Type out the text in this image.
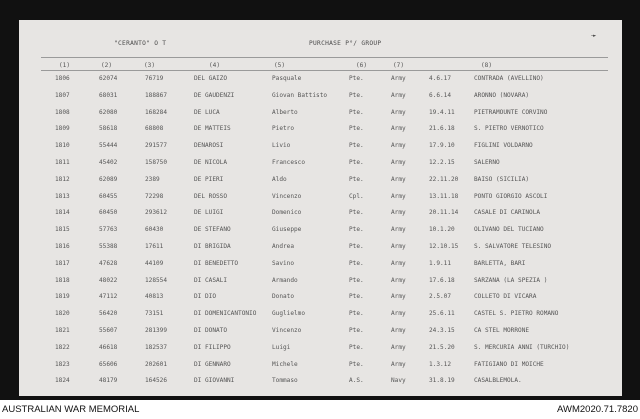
"CERANTO" O T	PURCHASE P°/ GROUP
➛
(1)	(2)	(3)	(4)	(5)	(6)	(7)	(8)
1806	62074	76719	DEL GAIZO	Pasquale	Pte.	Army	4.6.17	CONTRADA (AVELLINO)
1807	68031	188867	DE GAUDENZI	Giovan Battisto	Pte.	Army	6.6.14	ARONNO (NOVARA)
1808	62080	168284	DE LUCA	Alberto	Pte.	Army	19.4.11	PIETRAMOUNTE CORVINO
1809	58618	68808	DE MATTEIS	Pietro	Pte.	Army	21.6.18	S. PIETRO VERNOTICO
1810	55444	291577	DENAROSI	Livio	Pte.	Army	17.9.10	FIGLINI VOLDARNO
1811	45402	158750	DE NICOLA	Francesco	Pte.	Army	12.2.15	SALERNO
1812	62089	2389	DE PIERI	Aldo	Pte.	Army	22.11.20	BAISO (SICILIA)
1813	60455	72298	DEL ROSSO	Vincenzo	Cpl.	Army	13.11.18	PONTO GIORGIO ASCOLI
1814	60450	293612	DE LUIGI	Domenico	Pte.	Army	20.11.14	CASALE DI CARINOLA
1815	57763	60430	DE STEFANO	Giuseppe	Pte.	Army	10.1.20	OLIVANO DEL TUCIANO
1816	55388	17611	DI BRIGIDA	Andrea	Pte.	Army	12.10.15	S. SALVATORE TELESINO
1817	47628	44109	DI BENEDETTO	Savino	Pte.	Army	1.9.11	BARLETTA, BARI
1818	48022	128554	DI CASALI	Armando	Pte.	Army	17.6.18	SARZANA (LA SPEZIA )
1819	47112	40813	DI DIO	Donato	Pte.	Army	2.5.07	COLLETO DI VICARA
1820	56420	73151	DI DOMENICANTONIO	Guglielmo	Pte.	Army	25.6.11	CASTEL S. PIETRO ROMANO
1821	55607	281399	DI DONATO	Vincenzo	Pte.	Army	24.3.15	CA STEL MORRONE
1822	46618	182537	DI FILIPPO	Luigi	Pte.	Army	21.5.20	S. MERCURIA ANNI (TURCHIO)
1823	65606	202601	DI GENNARO	Michele	Pte.	Army	1.3.12	FATIGIANO DI MOICHE
1824	48179	164526	DI GIOVANNI	Tommaso	A.S.	Navy	31.8.19	CASALBLEMOLA.
AUSTRALIAN WAR MEMORIAL	AWM2020.71.7820
